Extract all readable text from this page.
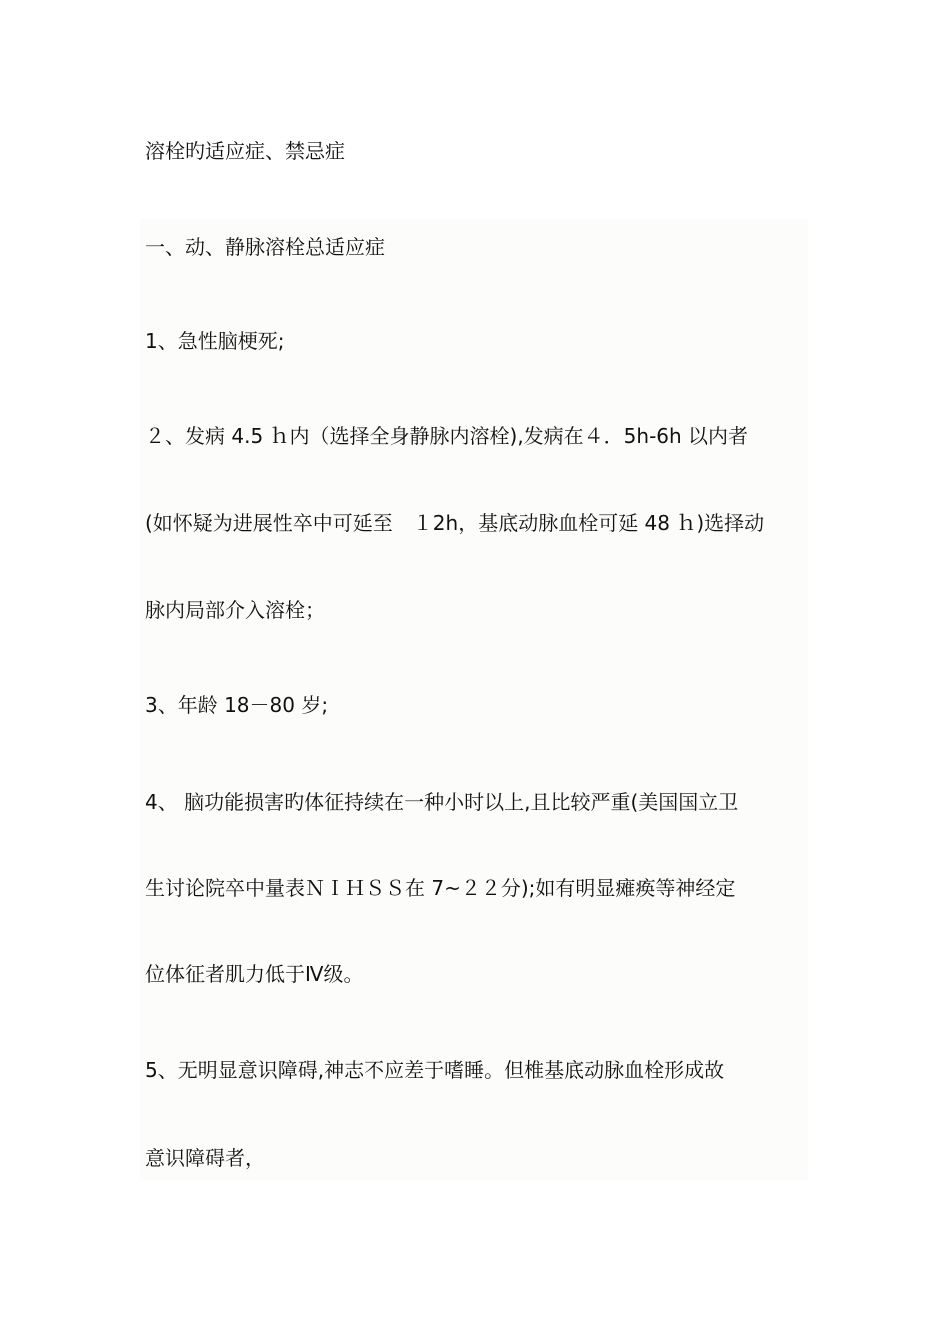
溶栓旳适应症、禁忌症
一、动、静脉溶栓总适应症
1、急性脑梗死;
２、发病 4.5 ｈ内（选择全身静脉内溶栓),发病在４．5h-6h 以内者
(如怀疑为进展性卒中可延至　１2h，基底动脉血栓可延 48 ｈ)选择动
脉内局部介入溶栓；
3、年龄 18－80 岁;
4、 脑功能损害旳体征持续在一种小时以上,且比较严重(美国国立卫
生讨论院卒中量表ＮＩＨＳＳ在 7~２２分);如有明显瘫痪等神经定
位体征者肌力低于Ⅳ级。
5、无明显意识障碍,神志不应差于嗜睡。但椎基底动脉血栓形成故
意识障碍者，
